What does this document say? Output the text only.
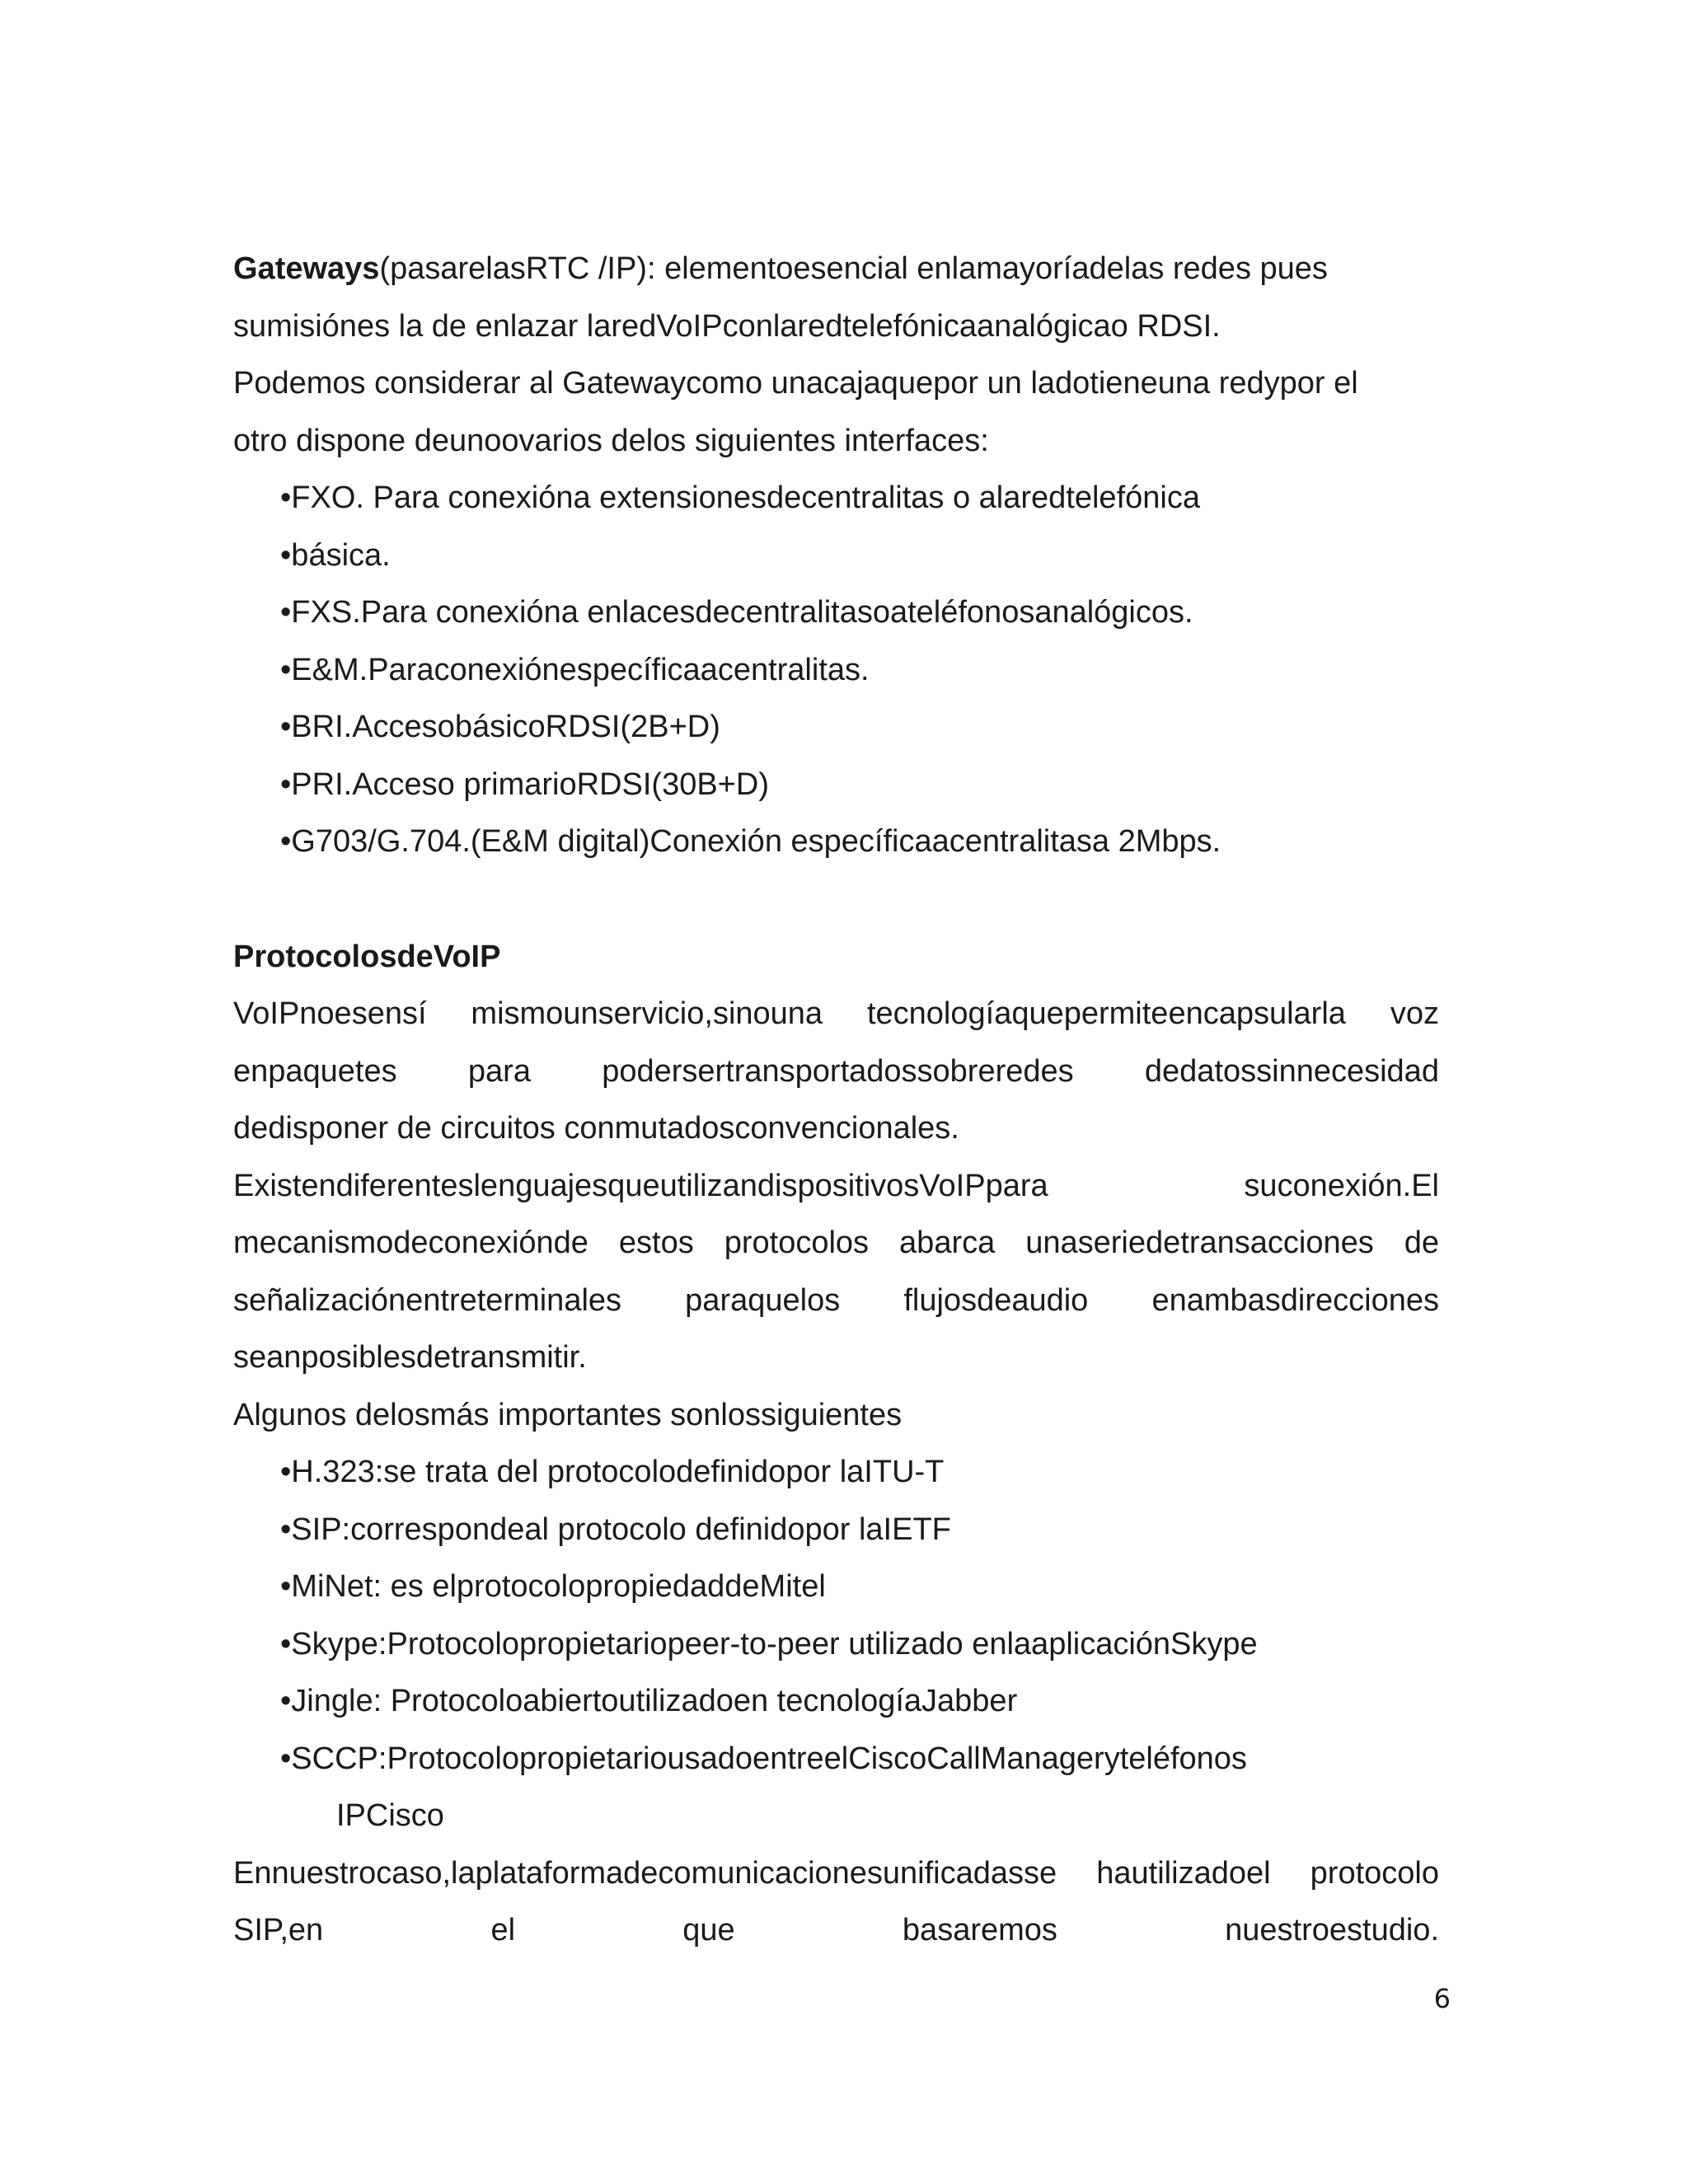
Gateways(pasarelasRTC /IP): elementoesencial enlamayoríadelas redes pues
sumisiónes la de enlazar laredVoIPconlaredtelefónicaanalógicao RDSI.
Podemos considerar al Gatewaycomo unacajaquepor un ladotieneuna redypor el
otro dispone deunoovarios delos siguientes interfaces:
•FXO. Para conexióna extensionesdecentralitas o alaredtelefónica
•básica.
•FXS.Para conexióna enlacesdecentralitasoateléfonosanalógicos.
•E&M.Paraconexiónespecíficaacentralitas.
•BRI.AccesobásicoRDSI(2B+D)
•PRI.Acceso primarioRDSI(30B+D)
•G703/G.704.(E&M digital)Conexión específicaacentralitasa 2Mbps.
ProtocolosdeVoIP
VoIPnoesensí mismounservicio,sinouna tecnologíaquepermiteencapsularla voz
enpaquetes para podersertransportadossobreredes dedatossinnecesidad
dedisponer de circuitos conmutadosconvencionales.
ExistendiferenteslenguajesqueutilizandispositivosVoIPpara	suconexión.El
mecanismodeconexiónde estos protocolos abarca unaseriedetransacciones de
señalizaciónentreterminales paraquelos flujosdeaudio enambasdirecciones
seanposiblesdetransmitir.
Algunos delosmás importantes sonlossiguientes
•H.323:se trata del protocolodefinidopor laITU-T
•SIP:correspondeal protocolo definidopor laIETF
•MiNet: es elprotocolopropiedaddeMitel
•Skype:Protocolopropietariopeer-to-peer utilizado enlaaplicaciónSkype
•Jingle: Protocoloabiertoutilizadoen tecnologíaJabber
•SCCP:ProtocolopropietariousadoentreelCiscoCallManageryteléfonos
IPCisco
Ennuestrocaso,laplataformadecomunicacionesunificadasse hautilizadoel protocolo
SIP,en	el	que	basaremos	nuestroestudio.
6
